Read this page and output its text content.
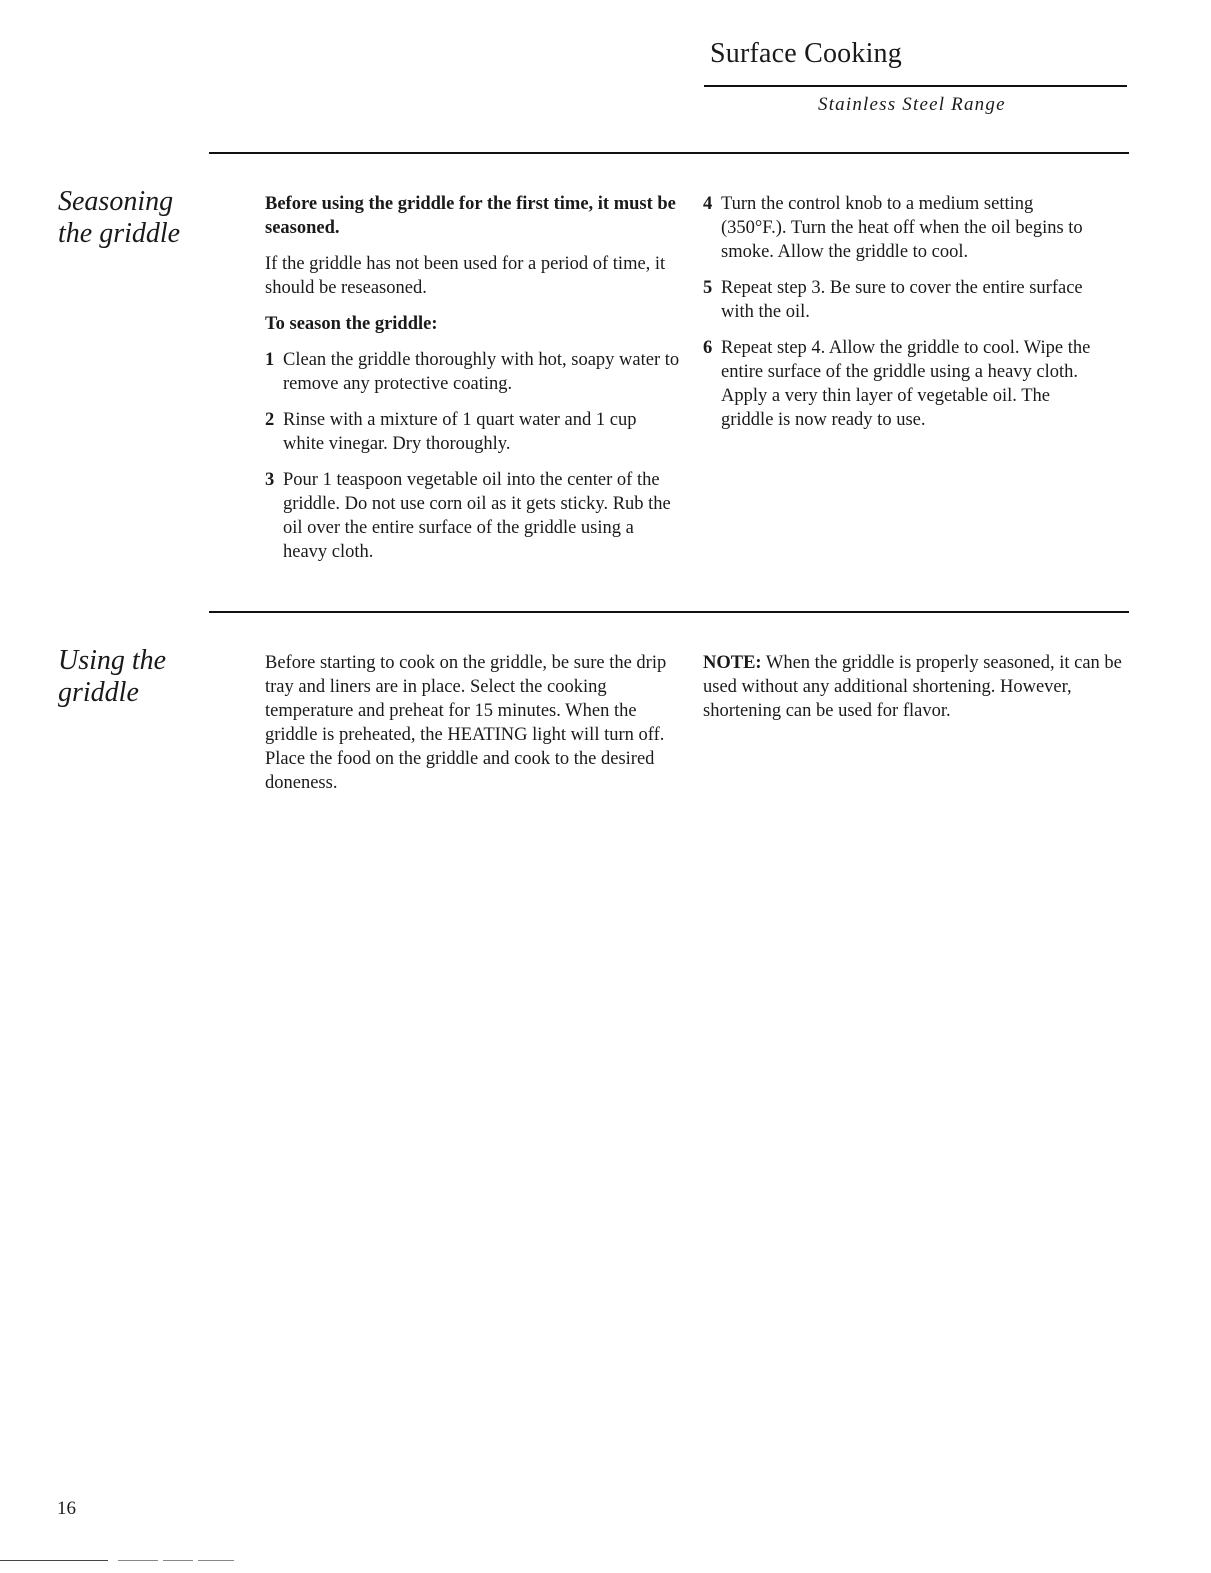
Surface Cooking
Stainless Steel Range
Seasoning
the griddle

Before using the griddle for the first time, it must be seasoned.

If the griddle has not been used for a period of time, it should be reseasoned.

To season the griddle:

1 Clean the griddle thoroughly with hot, soapy water to remove any protective coating.
2 Rinse with a mixture of 1 quart water and 1 cup white vinegar. Dry thoroughly.
3 Pour 1 teaspoon vegetable oil into the center of the griddle. Do not use corn oil as it gets sticky. Rub the oil over the entire surface of the griddle using a heavy cloth.
4 Turn the control knob to a medium setting (350°F.). Turn the heat off when the oil begins to smoke. Allow the griddle to cool.
5 Repeat step 3. Be sure to cover the entire surface with the oil.
6 Repeat step 4. Allow the griddle to cool. Wipe the entire surface of the griddle using a heavy cloth. Apply a very thin layer of vegetable oil. The griddle is now ready to use.
Using the
griddle

Before starting to cook on the griddle, be sure the drip tray and liners are in place. Select the cooking temperature and preheat for 15 minutes. When the griddle is preheated, the HEATING light will turn off. Place the food on the griddle and cook to the desired doneness.

NOTE: When the griddle is properly seasoned, it can be used without any additional shortening. However, shortening can be used for flavor.

16
